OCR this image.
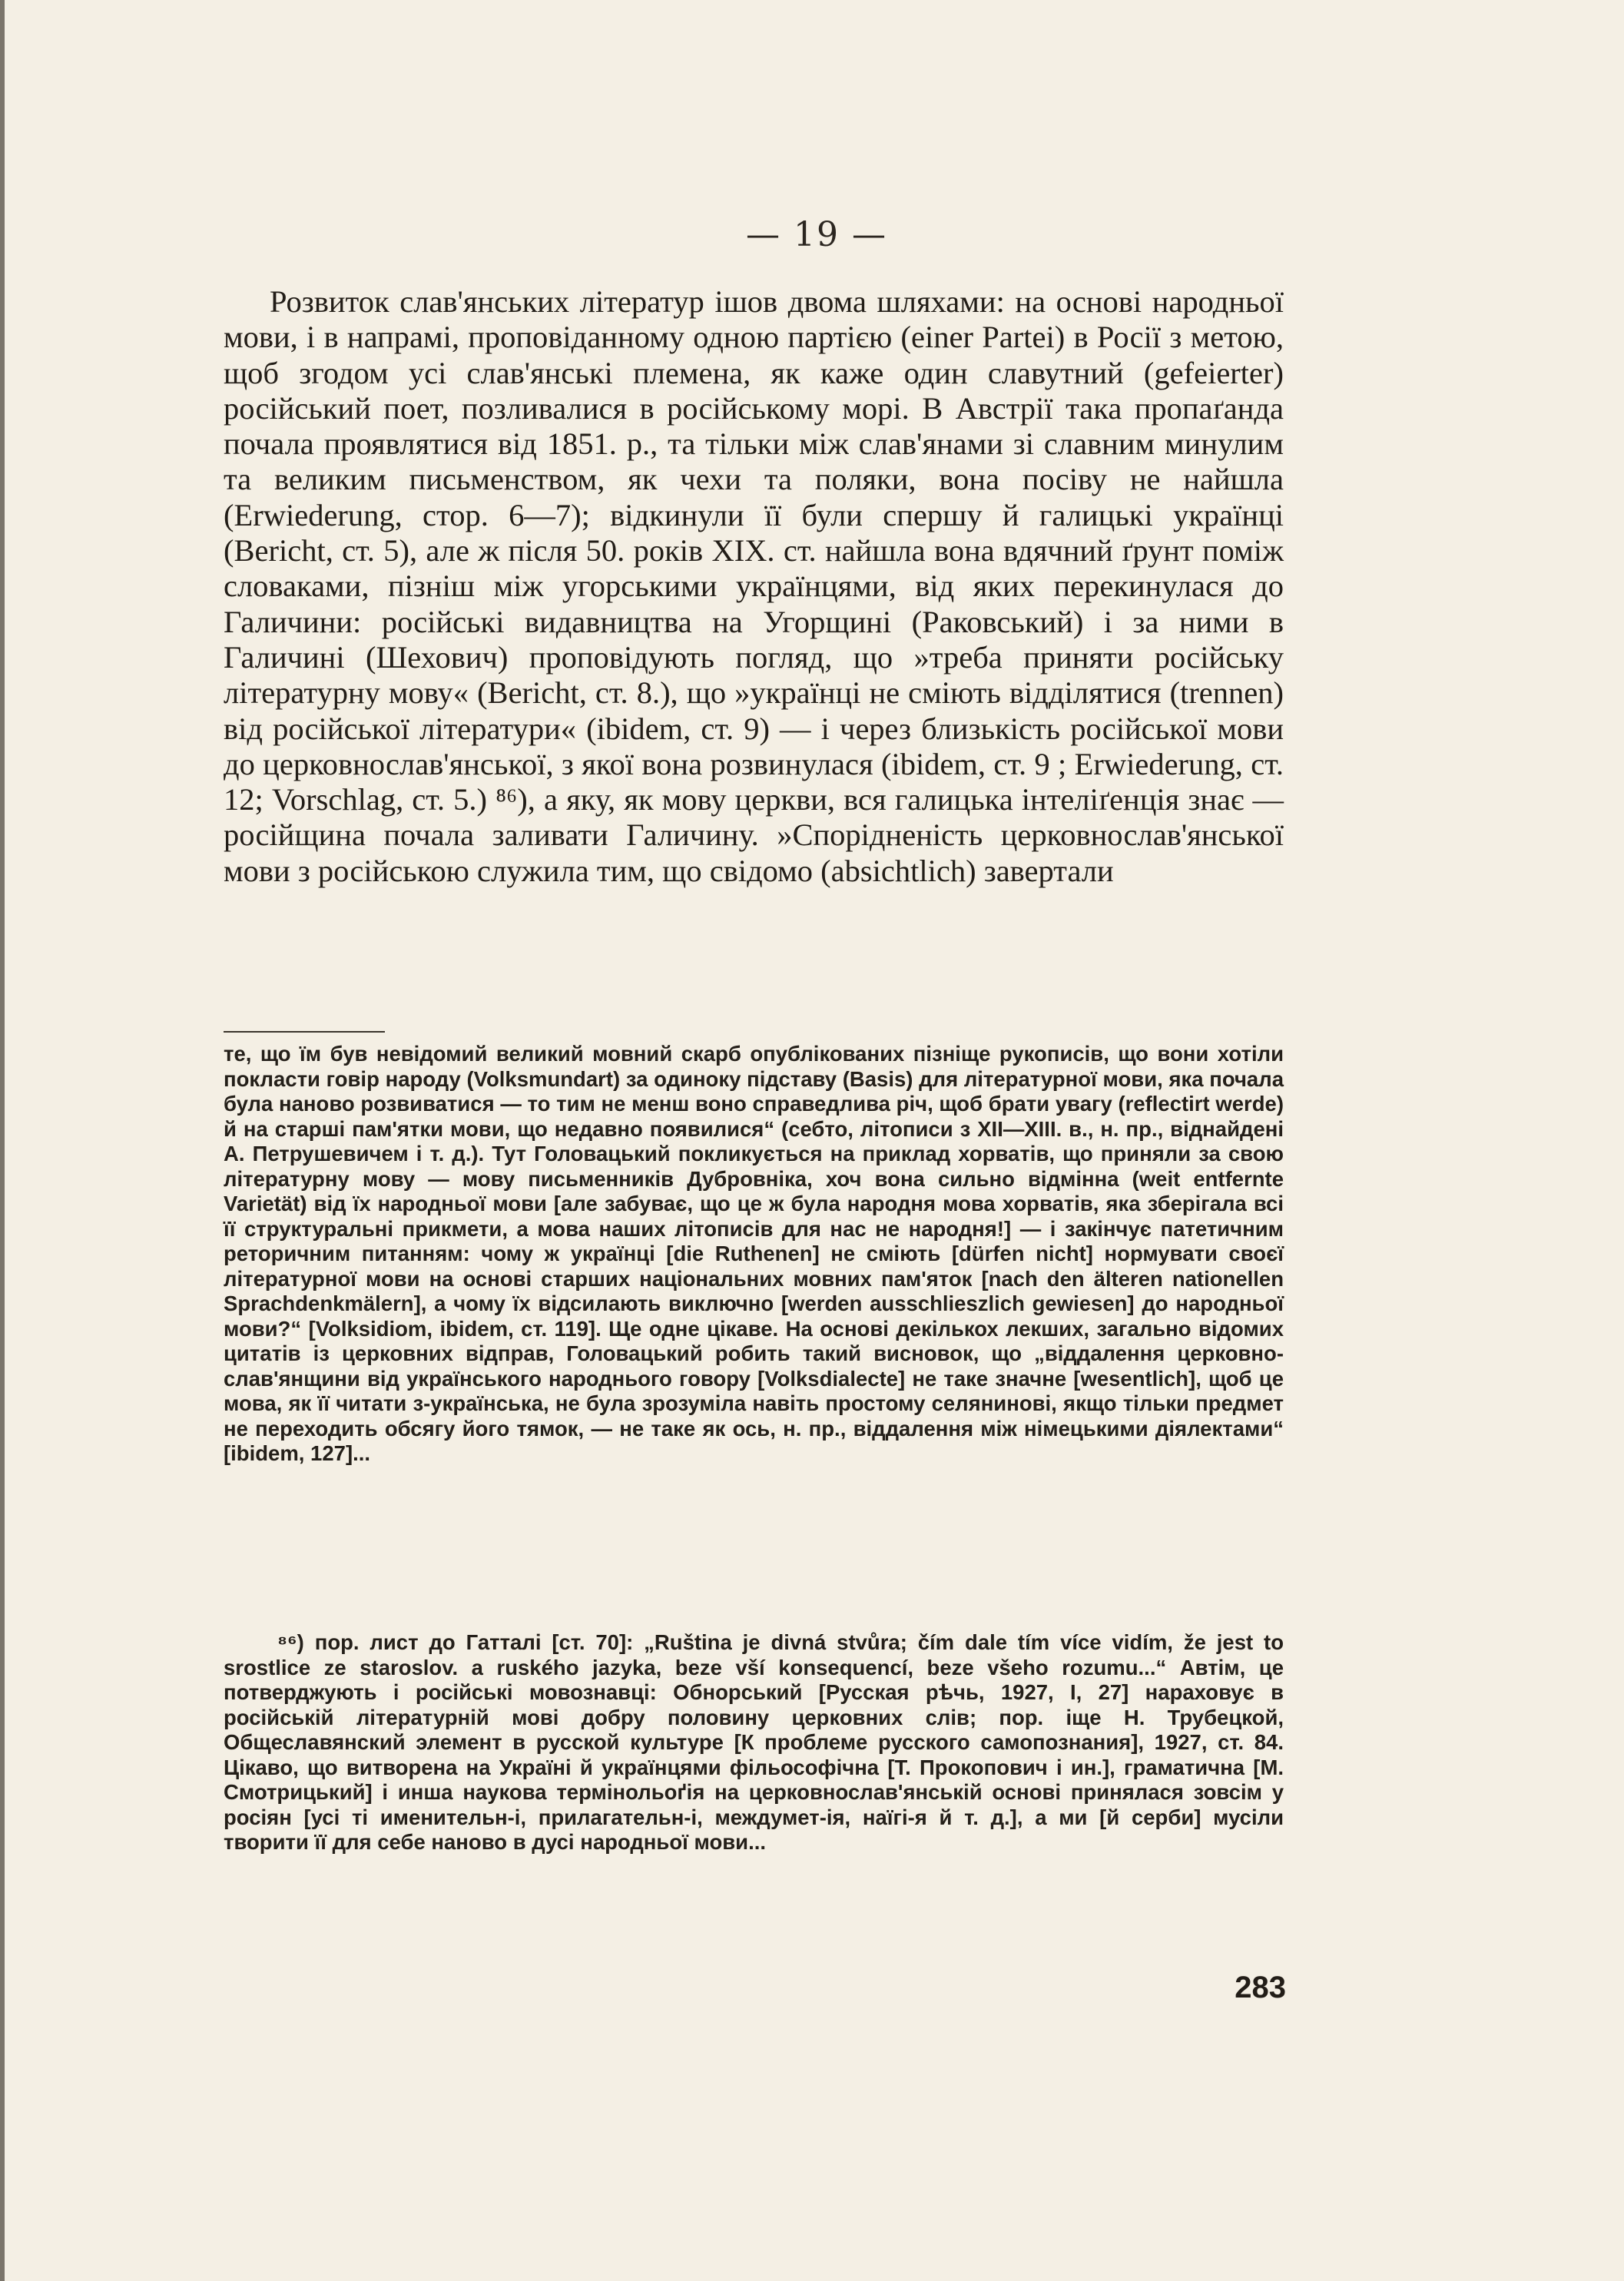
— 19 —

Розвиток слав'янських літератур ішов двома шляхами: на основі народньої мови, і в напрамі, проповіданному одною партією (einer Partei) в Росії з метою, щоб згодом усі слав'янські племена, як каже один славутний (gefeierter) російський поет, позливалися в російському морі. В Австрії така пропаґанда почала проявлятися від 1851. р., та тільки між слав'янами зі славним минулим та великим письменством, як чехи та поляки, вона посіву не найшла (Erwiederung, стор. 6—7); відкинули її були спершу й галицькі українці (Bericht, ст. 5), але ж після 50. років XIX. ст. найшла вона вдячний ґрунт поміж словаками, пізніш між угорськими українцями, від яких перекинулася до Галичини: російські видавництва на Угорщині (Раковський) і за ними в Галичині (Шехович) проповідують погляд, що »треба приняти російську літературну мову« (Bericht, ст. 8.), що »українці не сміють відділятися (trennen) від російської літератури« (ibidem, ст. 9) — і через близькість російської мови до церковнослав'янської, з якої вона розвинулася (ibidem, ст. 9 ; Erwiederung, ст. 12; Vorschlag, ст. 5.) ⁸⁶), а яку, як мову церкви, вся галицька інтеліґенція знає — російщина почала заливати Галичину. »Спорідненість церковнослав'янської мови з російською служила тим, що свідомо (absichtlich) завертали

те, що їм був невідомий великий мовний скарб опублікованих пізніще рукописів, що вони хотіли покласти говір народу (Volksmundart) за одиноку підставу (Basis) для літературної мови, яка почала була наново розвиватися — то тим не менш воно справедлива річ, щоб брати увагу (reflectirt werde) й на старші пам'ятки мови, що недавно появилися“ (себто, літописи з XII—XIII. в., н. пр., віднайдені А. Петрушевичем і т. д.). Тут Головацький покликується на приклад хорватів, що приняли за свою літературну мову — мову письменників Дубровніка, хоч вона сильно відмінна (weit entfernte Varietät) від їх народньої мови [але забуває, що це ж була народня мова хорватів, яка зберігала всі її структуральні прикмети, а мова наших літописів для нас не народня!] — і закінчує патетичним реторичним питанням: чому ж українці [die Ruthenen] не сміють [dürfen nicht] нормувати своєї літературної мови на основі старших національних мовних пам'яток [nach den älteren nationellen Sprachdenkmälern], а чому їх відсилають виключно [werden ausschlieszlich gewiesen] до народньої мови?“ [Volksidiom, ibidem, ст. 119]. Ще одне цікаве. На основі декількох лекших, загально відомих цитатів із церковних відправ, Головацький робить такий висновок, що „віддалення церковно-слав'янщини від українського народнього говору [Volksdialecte] не таке значне [wesentlich], щоб це мова, як її читати з-українська, не була зрозуміла навіть простому селянинові, якщо тільки предмет не переходить обсягу його тямок, — не таке як ось, н. пр., віддалення між німецькими діялектами“ [ibidem, 127]...

⁸⁶) пор. лист до Гатталі [ст. 70]: „Ruština je divná stvůra; čím dale tím více vidím, že jest to srostlice ze staroslov. a ruského jazyka, beze vší konsequencí, beze všeho rozumu...“ Автім, це потверджують і російські мовознавці: Обнорський [Русская рѣчь, 1927, I, 27] нараховує в російській літературній мові добру половину церковних слів; пор. іще Н. Трубецкой, Общеславянский элемент в русской культуре [К проблеме русского самопознания], 1927, ст. 84. Цікаво, що витворена на Україні й українцями фільософічна [Т. Прокопович і ин.], граматична [М. Смотрицький] і инша наукова термінольоґія на церковнослав'янській основі принялася зовсім у росіян [усі ті именительн-і, прилагательн-і, междумет-ія, наїгі-я й т. д.], а ми [й серби] мусіли творити її для себе наново в дусі народньої мови...

283
